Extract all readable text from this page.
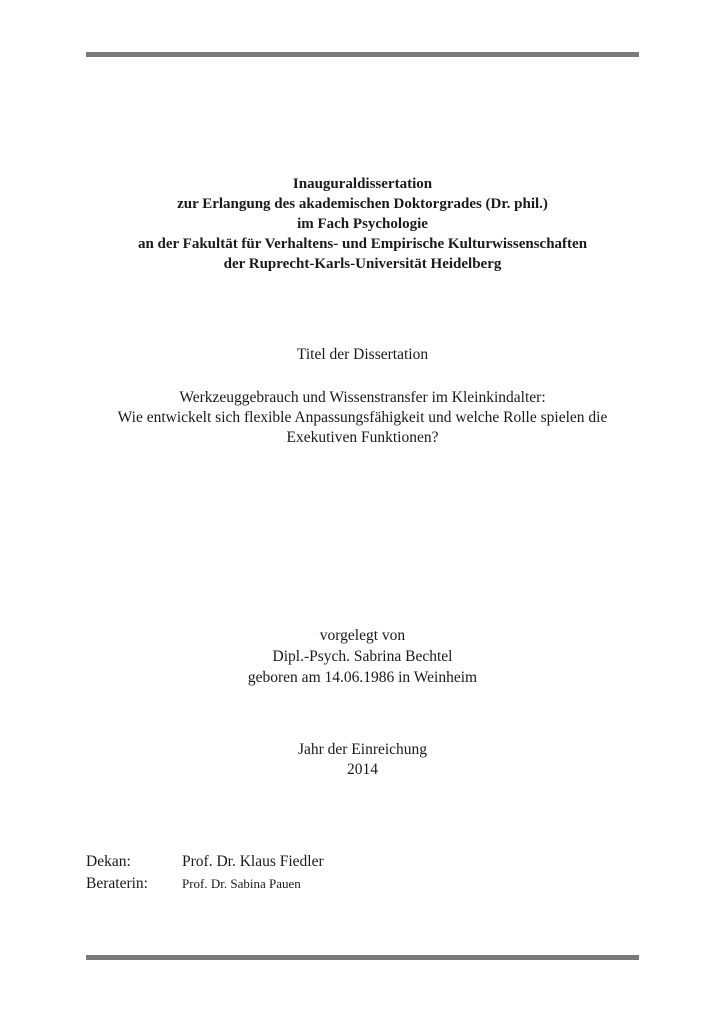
Inauguraldissertation
zur Erlangung des akademischen Doktorgrades (Dr. phil.)
im Fach Psychologie
an der Fakultät für Verhaltens- und Empirische Kulturwissenschaften
der Ruprecht-Karls-Universität Heidelberg
Titel der Dissertation
Werkzeuggebrauch und Wissenstransfer im Kleinkindalter:
Wie entwickelt sich flexible Anpassungsfähigkeit und welche Rolle spielen die
Exekutiven Funktionen?
vorgelegt von
Dipl.-Psych. Sabrina Bechtel
geboren am 14.06.1986 in Weinheim
Jahr der Einreichung
2014
Dekan:	Prof. Dr. Klaus Fiedler
Beraterin:	Prof. Dr. Sabina Pauen
